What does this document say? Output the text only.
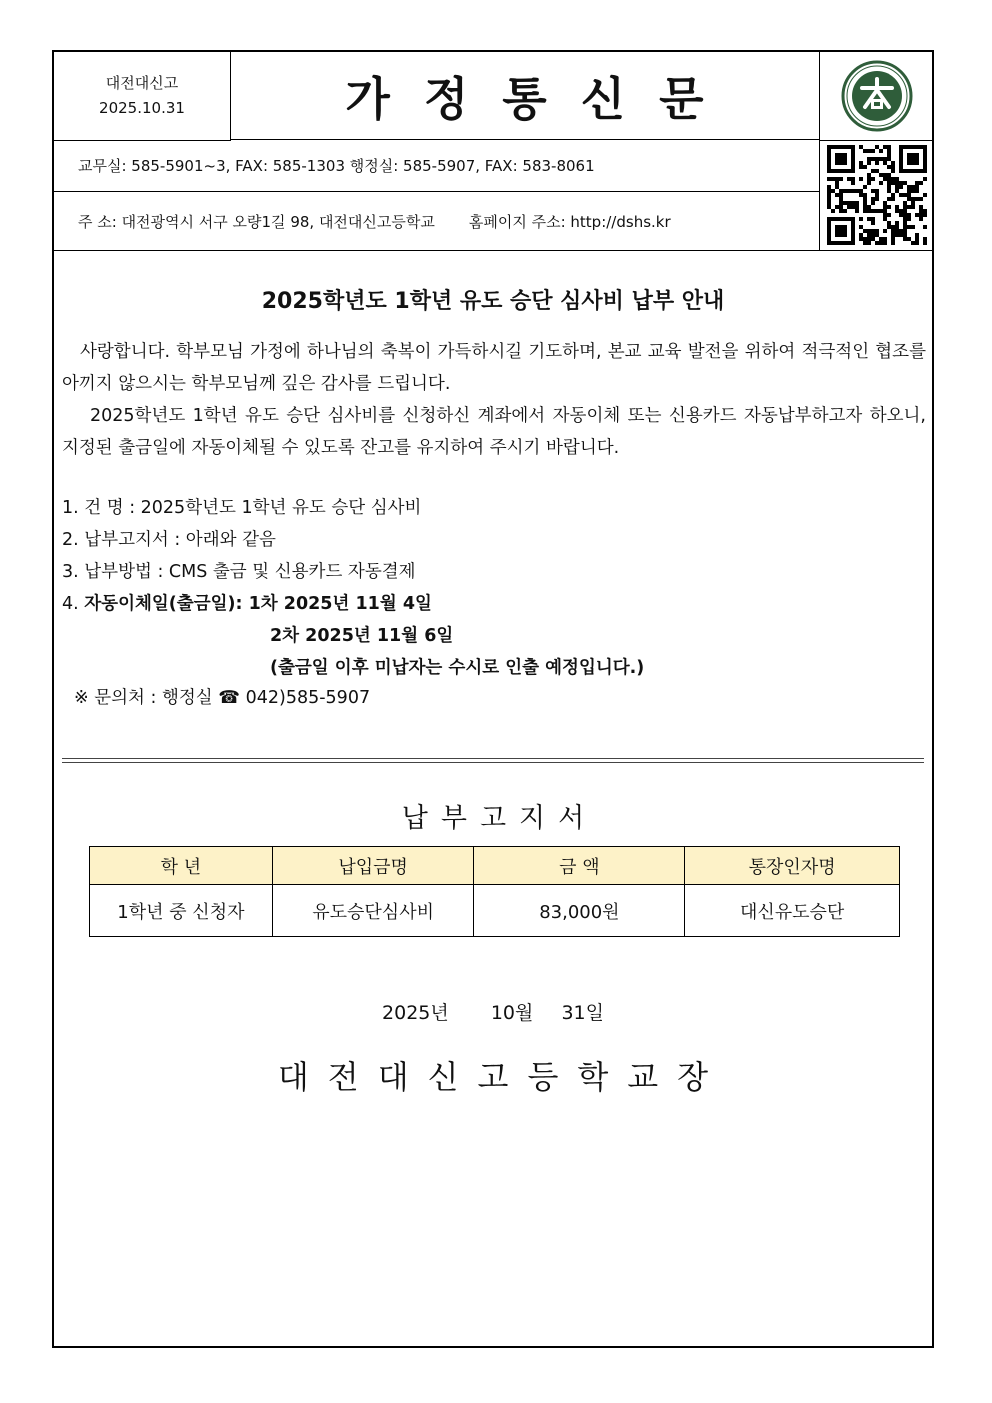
대전대신고
2025.10.31	가정통신문
교무실: 585-5901~3, FAX: 585-1303 행정실: 585-5907, FAX: 583-8061
주 소: 대전광역시 서구 오량1길 98, 대전대신고등학교 홈페이지 주소: http://dshs.kr
2025학년도 1학년 유도 승단 심사비 납부 안내
사랑합니다. 학부모님 가정에 하나님의 축복이 가득하시길 기도하며, 본교 교육 발전을 위하여 적극적인 협조를 아끼지 않으시는 학부모님께 깊은 감사를 드립니다.
2025학년도 1학년 유도 승단 심사비를 신청하신 계좌에서 자동이체 또는 신용카드 자동납부하고자 하오니, 지정된 출금일에 자동이체될 수 있도록 잔고를 유지하여 주시기 바랍니다.
1. 건 명 : 2025학년도 1학년 유도 승단 심사비
2. 납부고지서 : 아래와 같음
3. 납부방법 : CMS 출금 및 신용카드 자동결제
4. 자동이체일(출금일): 1차 2025년 11월 4일
2차 2025년 11월 6일
(출금일 이후 미납자는 수시로 인출 예정입니다.)
※ 문의처 : 행정실 ☎ 042)585-5907
납부고지서
학 년	납입금명	금 액	통장인자명
1학년 중 신청자	유도승단심사비	83,000원	대신유도승단
2025년 10월 31일
대전대신고등학교장
